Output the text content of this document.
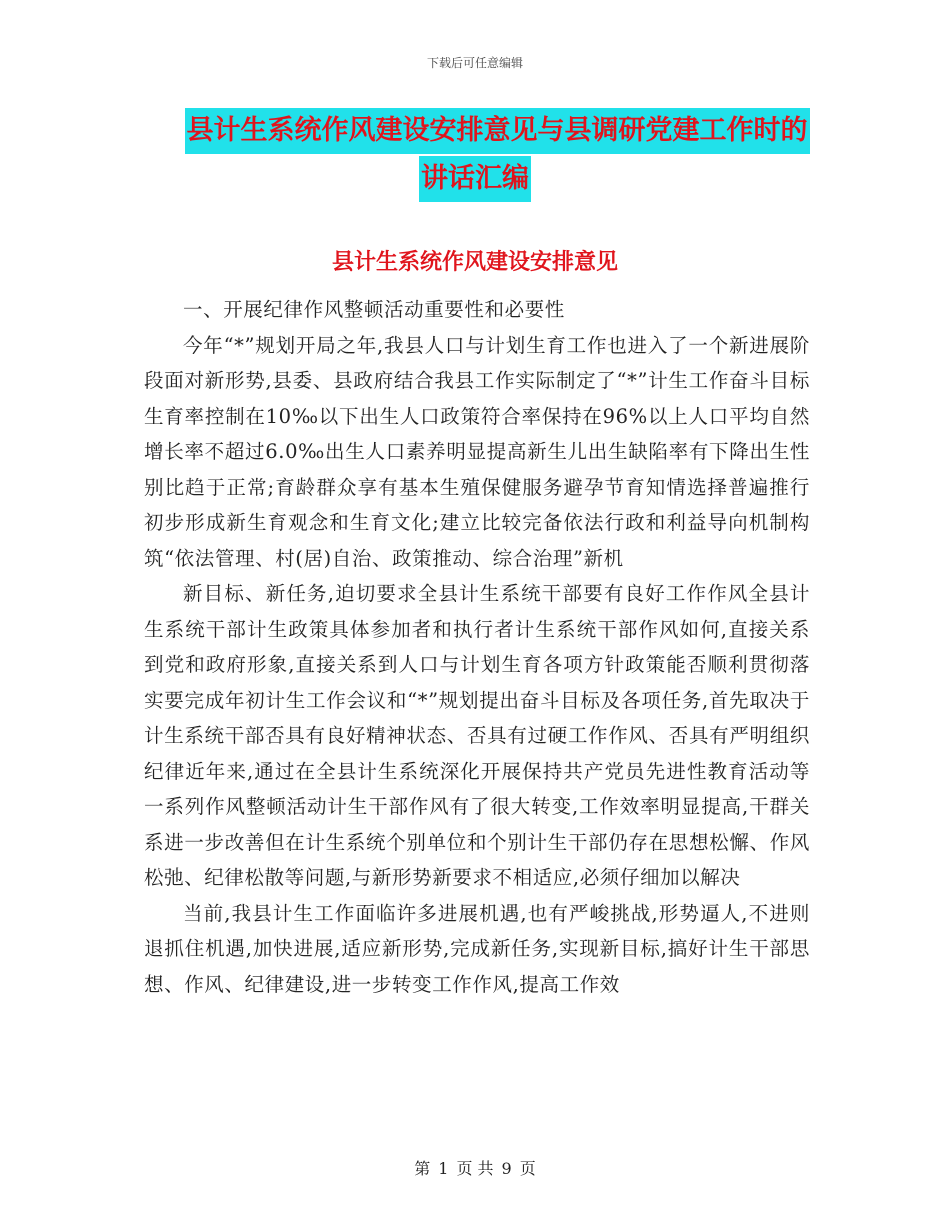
下载后可任意编辑
县计生系统作风建设安排意见与县调研党建工作时的
讲话汇编
县计生系统作风建设安排意见

一、开展纪律作风整顿活动重要性和必要性

今年“*”规划开局之年,我县人口与计划生育工作也进入了一个新进展阶段面对新形势,县委、县政府结合我县工作实际制定了“*”计生工作奋斗目标生育率控制在10‰以下出生人口政策符合率保持在96%以上人口平均自然增长率不超过6.0‰出生人口素养明显提高新生儿出生缺陷率有下降出生性别比趋于正常;育龄群众享有基本生殖保健服务避孕节育知情选择普遍推行初步形成新生育观念和生育文化;建立比较完备依法行政和利益导向机制构筑“依法管理、村(居)自治、政策推动、综合治理”新机

新目标、新任务,迫切要求全县计生系统干部要有良好工作作风全县计生系统干部计生政策具体参加者和执行者计生系统干部作风如何,直接关系到党和政府形象,直接关系到人口与计划生育各项方针政策能否顺利贯彻落实要完成年初计生工作会议和“*”规划提出奋斗目标及各项任务,首先取决于计生系统干部否具有良好精神状态、否具有过硬工作作风、否具有严明组织纪律近年来,通过在全县计生系统深化开展保持共产党员先进性教育活动等一系列作风整顿活动计生干部作风有了很大转变,工作效率明显提高,干群关系进一步改善但在计生系统个别单位和个别计生干部仍存在思想松懈、作风松弛、纪律松散等问题,与新形势新要求不相适应,必须仔细加以解决

当前,我县计生工作面临许多进展机遇,也有严峻挑战,形势逼人,不进则退抓住机遇,加快进展,适应新形势,完成新任务,实现新目标,搞好计生干部思想、作风、纪律建设,进一步转变工作作风,提高工作效

第 1 页 共 9 页
